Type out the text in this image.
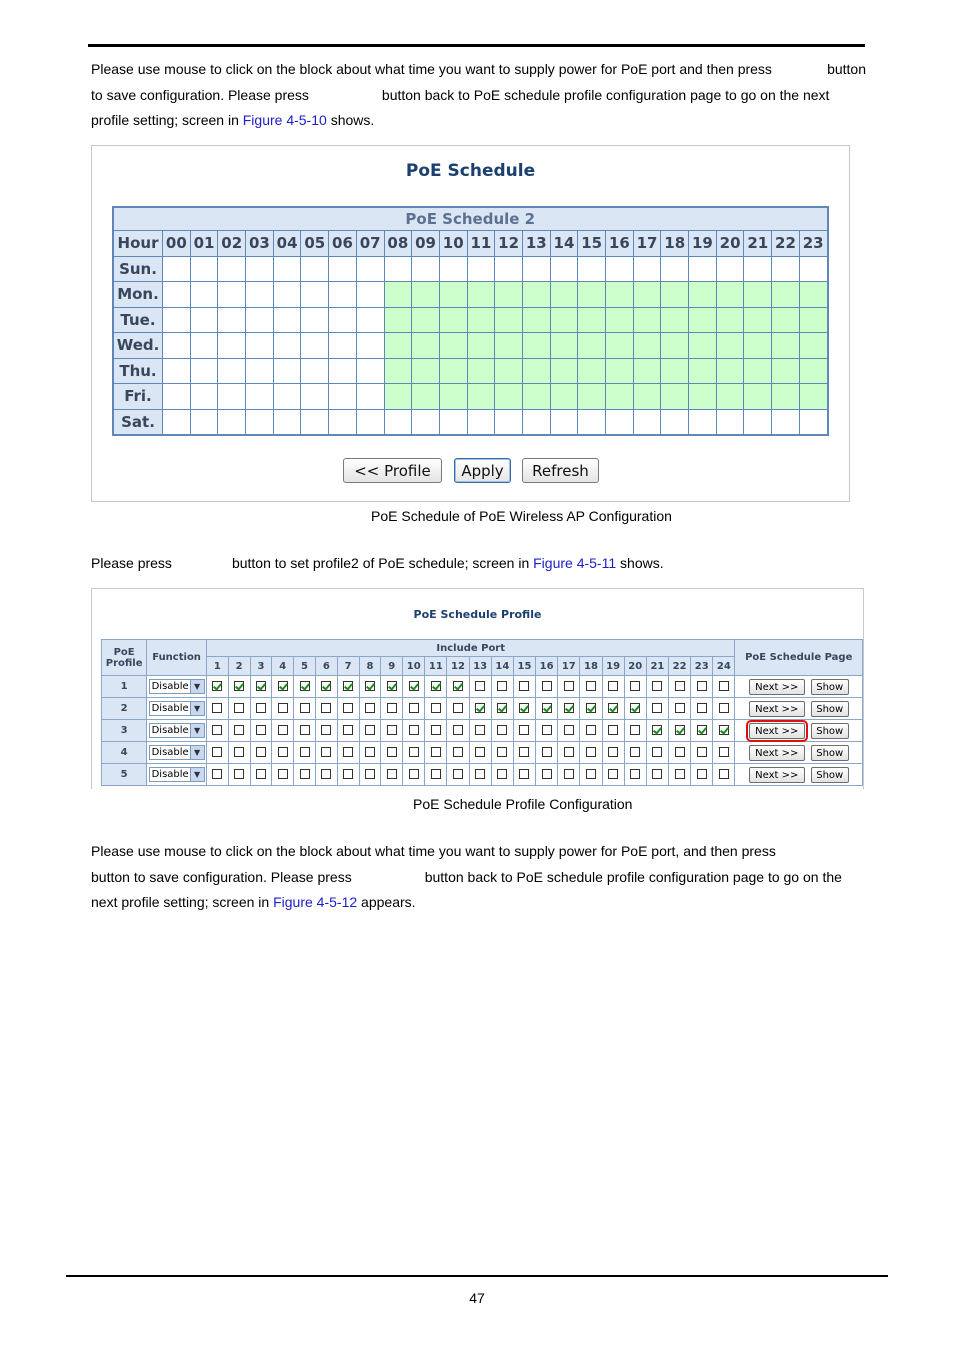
Please use mouse to click on the block about what time you want to supply power for PoE port and then press	button
to save configuration. Please press	button back to PoE schedule profile configuration page to go on the next
profile setting; screen in
Figure 4-5-10
shows.
PoE Schedule
PoE Schedule 2																								
Hour	00	01	02	03	04	05	06	07	08	09	10	11	12	13	14	15	16	17	18	19	20	21	22	23
Sun.																								
Mon.																								
Tue.																								
Wed.																								
Thu.																								
Fri.																								
Sat.																								
<< Profile	Apply	Refresh
PoE Schedule of PoE Wireless AP Configuration
Please press	button to set profile2 of PoE schedule; screen in
Figure 4-5-11
shows.
PoE Schedule Profile
PoE Profile	Function	Include Port																								PoE Schedule Page
		1	2	3	4	5	6	7	8	9	10	11	12	13	14	15	16	17	18	19	20	21	22	23	24	
1	Disable ▼																									Next >> Show
2	Disable ▼																									Next >> Show
3	Disable ▼																									Next >> Show
4	Disable ▼																									Next >> Show
5	Disable ▼																									Next >> Show
PoE Schedule Profile Configuration
Please use mouse to click on the block about what time you want to supply power for PoE port, and then press
button to save configuration. Please press	button back to PoE schedule profile configuration page to go on the
next profile setting; screen in
Figure 4-5-12
appears.
47
